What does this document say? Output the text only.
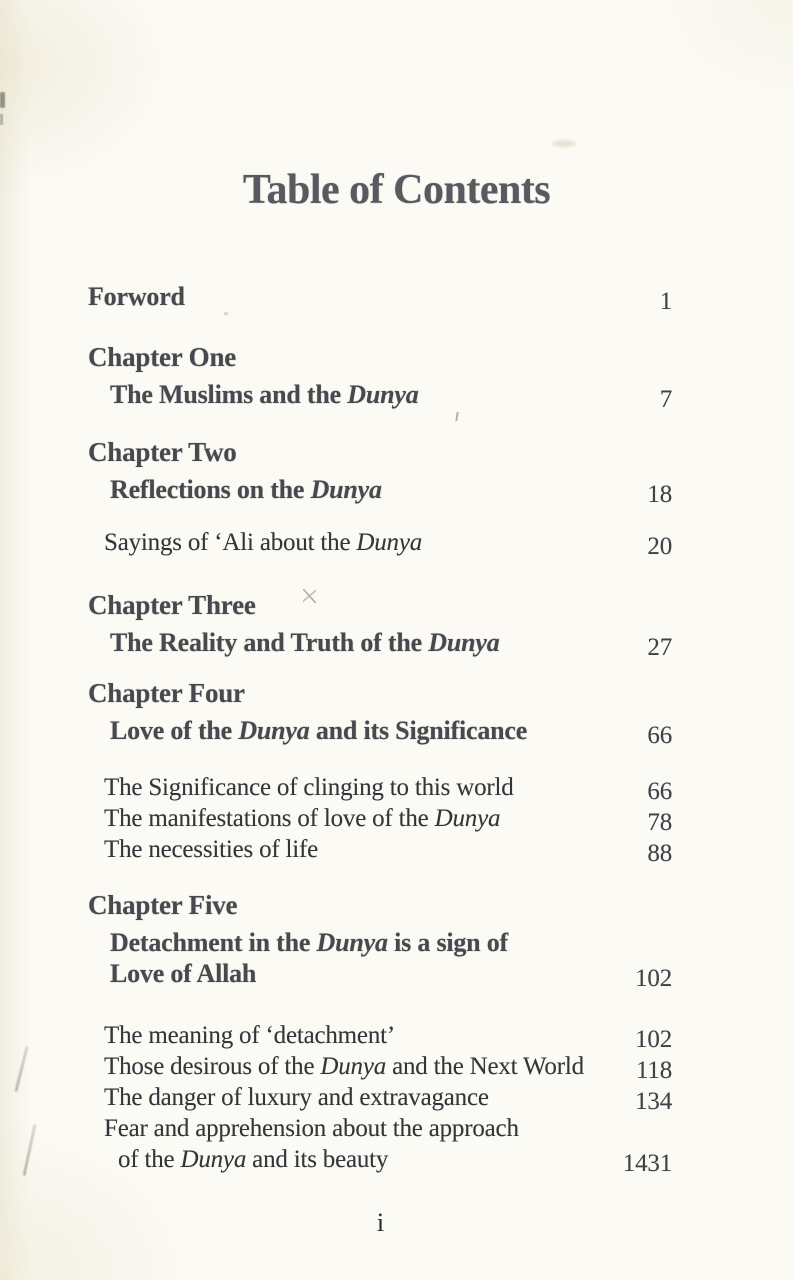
Table of Contents
Forword	1
Chapter One
The Muslims and the Dunya	7
Chapter Two
Reflections on the Dunya	18
Sayings of ‘Ali about the Dunya	20
Chapter Three
The Reality and Truth of the Dunya	27
Chapter Four
Love of the Dunya and its Significance	66
The Significance of clinging to this world	66
The manifestations of love of the Dunya	78
The necessities of life	88
Chapter Five
Detachment in the Dunya is a sign of
Love of Allah	102
The meaning of ‘detachment’	102
Those desirous of the Dunya and the Next World	118
The danger of luxury and extravagance	134
Fear and apprehension about the approach
of the Dunya and its beauty	1431
i
